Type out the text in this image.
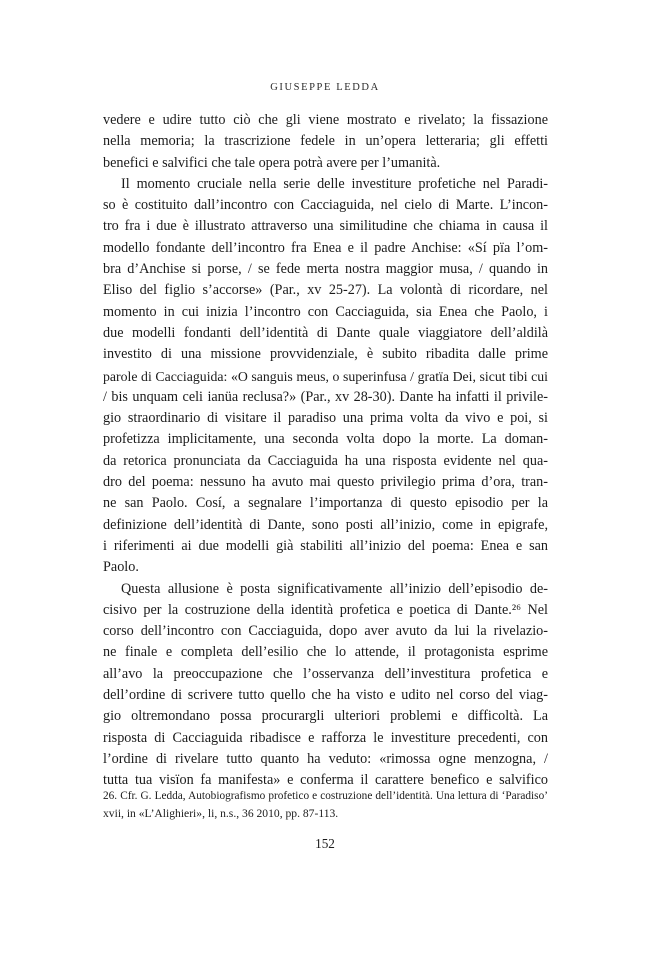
GIUSEPPE LEDDA

vedere e udire tutto ciò che gli viene mostrato e rivelato; la fissazione
nella memoria; la trascrizione fedele in un’opera letteraria; gli effetti
benefici e salvifici che tale opera potrà avere per l’umanità.

Il momento cruciale nella serie delle investiture profetiche nel Paradi-
so è costituito dall’incontro con Cacciaguida, nel cielo di Marte. L’incon-
tro fra i due è illustrato attraverso una similitudine che chiama in causa il
modello fondante dell’incontro fra Enea e il padre Anchise: «Sí pïa l’om-
bra d’Anchise si porse, / se fede merta nostra maggior musa, / quando in
Eliso del figlio s’accorse» (Par., xv 25-27). La volontà di ricordare, nel
momento in cui inizia l’incontro con Cacciaguida, sia Enea che Paolo, i
due modelli fondanti dell’identità di Dante quale viaggiatore dell’aldilà
investito di una missione provvidenziale, è subito ribadita dalle prime
parole di Cacciaguida: «O sanguis meus, o superinfusa / gratïa Dei, sicut tibi cui
/ bis unquam celi ianüa reclusa?» (Par., xv 28-30). Dante ha infatti il privile-
gio straordinario di visitare il paradiso una prima volta da vivo e poi, si
profetizza implicitamente, una seconda volta dopo la morte. La doman-
da retorica pronunciata da Cacciaguida ha una risposta evidente nel qua-
dro del poema: nessuno ha avuto mai questo privilegio prima d’ora, tran-
ne san Paolo. Cosí, a segnalare l’importanza di questo episodio per la
definizione dell’identità di Dante, sono posti all’inizio, come in epigrafe,
i riferimenti ai due modelli già stabiliti all’inizio del poema: Enea e san
Paolo.

Questa allusione è posta significativamente all’inizio dell’episodio de-
cisivo per la costruzione della identità profetica e poetica di Dante.²⁶ Nel
corso dell’incontro con Cacciaguida, dopo aver avuto da lui la rivelazio-
ne finale e completa dell’esilio che lo attende, il protagonista esprime
all’avo la preoccupazione che l’osservanza dell’investitura profetica e
dell’ordine di scrivere tutto quello che ha visto e udito nel corso del viag-
gio oltremondano possa procurargli ulteriori problemi e difficoltà. La
risposta di Cacciaguida ribadisce e rafforza le investiture precedenti, con
l’ordine di rivelare tutto quanto ha veduto: «rimossa ogne menzogna, /
tutta tua visïon fa manifesta» e conferma il carattere benefico e salvifico

26. Cfr. G. Ledda, Autobiografismo profetico e costruzione dell’identità. Una lettura di ‘Paradiso’
xvii, in «L’Alighieri», li, n.s., 36 2010, pp. 87-113.
152
